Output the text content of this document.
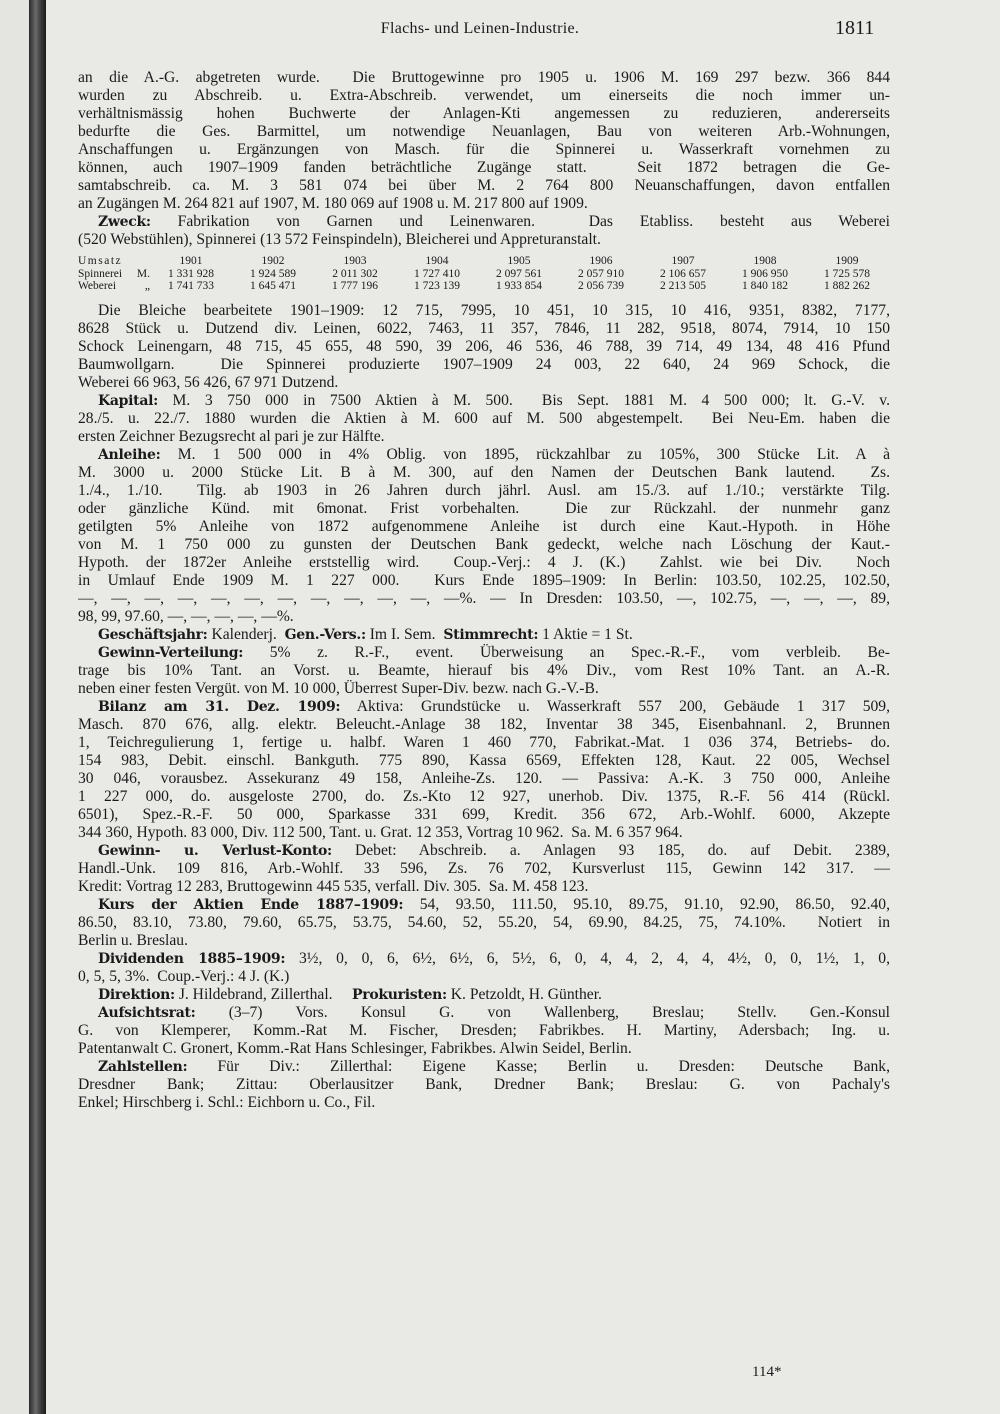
Flachs- und Leinen-Industrie.	1811
an die A.-G. abgetreten wurde.  Die Bruttogewinne pro 1905 u. 1906 M. 169 297 bezw. 366 844
wurden zu Abschreib. u. Extra-Abschreib. verwendet, um einerseits die noch immer un-
verhältnismässig hohen Buchwerte der Anlagen-Kti angemessen zu reduzieren, andererseits
bedurfte die Ges. Barmittel, um notwendige Neuanlagen, Bau von weiteren Arb.-Wohnungen,
Anschaffungen u. Ergänzungen von Masch. für die Spinnerei u. Wasserkraft vornehmen zu
können, auch 1907–1909 fanden beträchtliche Zugänge statt.  Seit 1872 betragen die Ge-
samtabschreib. ca. M. 3 581 074 bei über M. 2 764 800 Neuanschaffungen, davon entfallen
an Zugängen M. 264 821 auf 1907, M. 180 069 auf 1908 u. M. 217 800 auf 1909.
Zweck: Fabrikation von Garnen und Leinenwaren.  Das Etabliss. besteht aus Weberei
(520 Webstühlen), Spinnerei (13 572 Feinspindeln), Bleicherei und Appreturanstalt.
Umsatz	1901	1902	1903	1904	1905	1906	1907	1908	1909
Spinnerei M.	1 331 928	1 924 589	2 011 302	1 727 410	2 097 561	2 057 910	2 106 657	1 906 950	1 725 578
Weberei	„	1 741 733	1 645 471	1 777 196	1 723 139	1 933 854	2 056 739	2 213 505	1 840 182	1 882 262
Die Bleiche bearbeitete 1901–1909: 12 715, 7995, 10 451, 10 315, 10 416, 9351, 8382, 7177,
8628 Stück u. Dutzend div. Leinen, 6022, 7463, 11 357, 7846, 11 282, 9518, 8074, 7914, 10 150
Schock Leinengarn, 48 715, 45 655, 48 590, 39 206, 46 536, 46 788, 39 714, 49 134, 48 416 Pfund
Baumwollgarn.  Die Spinnerei produzierte 1907–1909 24 003, 22 640, 24 969 Schock, die
Weberei 66 963, 56 426, 67 971 Dutzend.
Kapital: M. 3 750 000 in 7500 Aktien à M. 500.  Bis Sept. 1881 M. 4 500 000; lt. G.-V. v.
28./5. u. 22./7. 1880 wurden die Aktien à M. 600 auf M. 500 abgestempelt.  Bei Neu-Em. haben die
ersten Zeichner Bezugsrecht al pari je zur Hälfte.
Anleihe: M. 1 500 000 in 4% Oblig. von 1895, rückzahlbar zu 105%, 300 Stücke Lit. A à
M. 3000 u. 2000 Stücke Lit. B à M. 300, auf den Namen der Deutschen Bank lautend.  Zs.
1./4., 1./10.  Tilg. ab 1903 in 26 Jahren durch jährl. Ausl. am 15./3. auf 1./10.; verstärkte Tilg.
oder gänzliche Künd. mit 6monat. Frist vorbehalten.  Die zur Rückzahl. der nunmehr ganz
getilgten 5% Anleihe von 1872 aufgenommene Anleihe ist durch eine Kaut.-Hypoth. in Höhe
von M. 1 750 000 zu gunsten der Deutschen Bank gedeckt, welche nach Löschung der Kaut.-
Hypoth. der 1872er Anleihe erststellig wird.  Coup.-Verj.: 4 J. (K.)  Zahlst. wie bei Div.  Noch
in Umlauf Ende 1909 M. 1 227 000.  Kurs Ende 1895–1909: In Berlin: 103.50, 102.25, 102.50,
—, —, —, —, —, —, —, —, —, —, —, —%. — In Dresden: 103.50, —, 102.75, —, —, —, 89,
98, 99, 97.60, —, —, —, —, —%.
Geschäftsjahr: Kalenderj.  Gen.-Vers.: Im I. Sem.  Stimmrecht: 1 Aktie = 1 St.
Gewinn-Verteilung: 5% z. R.-F., event. Überweisung an Spec.-R.-F., vom verbleib. Be-
trage bis 10% Tant. an Vorst. u. Beamte, hierauf bis 4% Div., vom Rest 10% Tant. an A.-R.
neben einer festen Vergüt. von M. 10 000, Überrest Super-Div. bezw. nach G.-V.-B.
Bilanz am 31. Dez. 1909: Aktiva: Grundstücke u. Wasserkraft 557 200, Gebäude 1 317 509,
Masch. 870 676, allg. elektr. Beleucht.-Anlage 38 182, Inventar 38 345, Eisenbahnanl. 2, Brunnen
1, Teichregulierung 1, fertige u. halbf. Waren 1 460 770, Fabrikat.-Mat. 1 036 374, Betriebs- do.
154 983, Debit. einschl. Bankguth. 775 890, Kassa 6569, Effekten 128, Kaut. 22 005, Wechsel
30 046, vorausbez. Assekuranz 49 158, Anleihe-Zs. 120. — Passiva: A.-K. 3 750 000, Anleihe
1 227 000, do. ausgeloste 2700, do. Zs.-Kto 12 927, unerhob. Div. 1375, R.-F. 56 414 (Rückl.
6501), Spez.-R.-F. 50 000, Sparkasse 331 699, Kredit. 356 672, Arb.-Wohlf. 6000, Akzepte
344 360, Hypoth. 83 000, Div. 112 500, Tant. u. Grat. 12 353, Vortrag 10 962.  Sa. M. 6 357 964.
Gewinn- u. Verlust-Konto: Debet: Abschreib. a. Anlagen 93 185, do. auf Debit. 2389,
Handl.-Unk. 109 816, Arb.-Wohlf. 33 596, Zs. 76 702, Kursverlust 115, Gewinn 142 317. —
Kredit: Vortrag 12 283, Bruttogewinn 445 535, verfall. Div. 305.  Sa. M. 458 123.
Kurs der Aktien Ende 1887–1909: 54, 93.50, 111.50, 95.10, 89.75, 91.10, 92.90, 86.50, 92.40,
86.50, 83.10, 73.80, 79.60, 65.75, 53.75, 54.60, 52, 55.20, 54, 69.90, 84.25, 75, 74.10%.  Notiert in
Berlin u. Breslau.
Dividenden 1885–1909: 3½, 0, 0, 6, 6½, 6½, 6, 5½, 6, 0, 4, 4, 2, 4, 4, 4½, 0, 0, 1½, 1, 0,
0, 5, 5, 3%.  Coup.-Verj.: 4 J. (K.)
Direktion: J. Hildebrand, Zillerthal.     Prokuristen: K. Petzoldt, H. Günther.
Aufsichtsrat: (3–7) Vors. Konsul G. von Wallenberg, Breslau; Stellv. Gen.-Konsul
G. von Klemperer, Komm.-Rat M. Fischer, Dresden; Fabrikbes. H. Martiny, Adersbach; Ing. u.
Patentanwalt C. Gronert, Komm.-Rat Hans Schlesinger, Fabrikbes. Alwin Seidel, Berlin.
Zahlstellen: Für Div.: Zillerthal: Eigene Kasse; Berlin u. Dresden: Deutsche Bank,
Dresdner Bank; Zittau: Oberlausitzer Bank, Dredner Bank; Breslau: G. von Pachaly's
Enkel; Hirschberg i. Schl.: Eichborn u. Co., Fil.
114*
